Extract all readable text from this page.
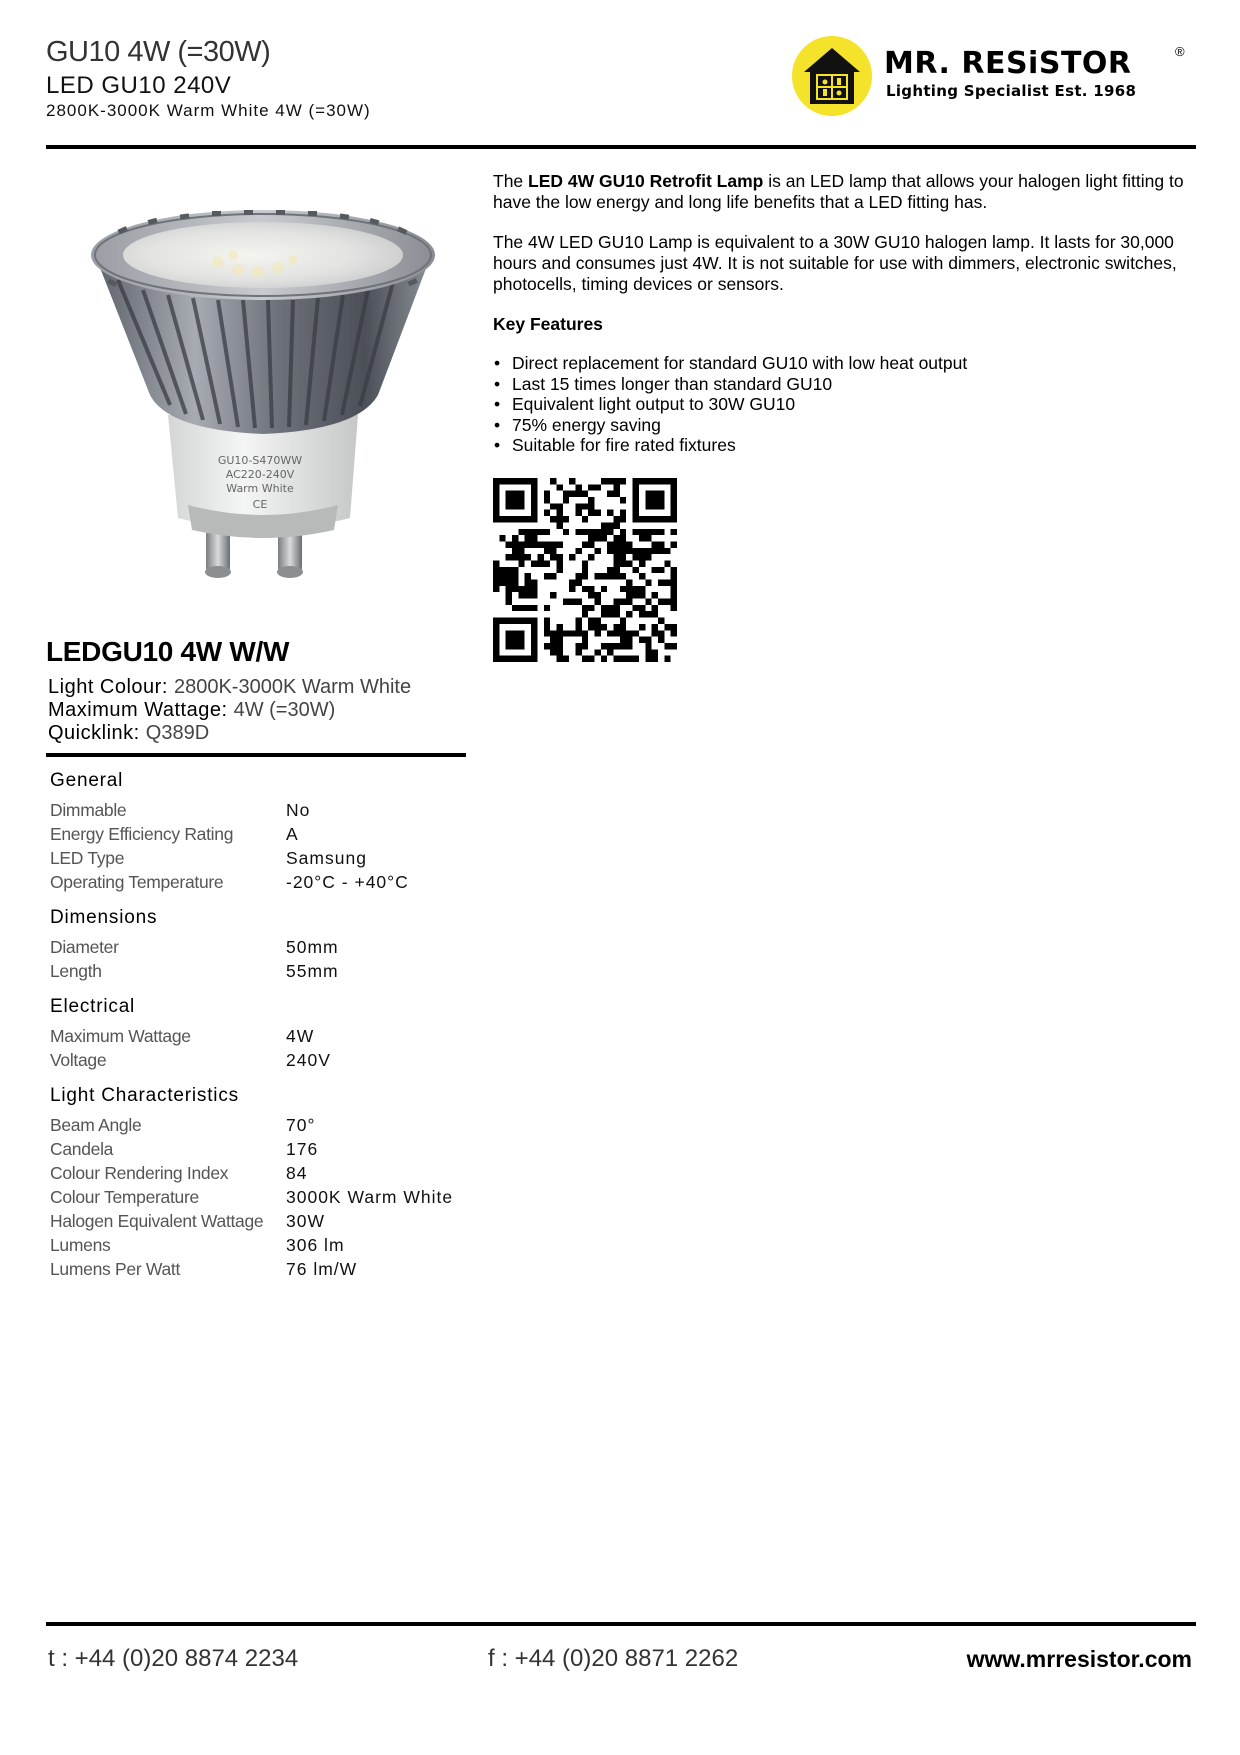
GU10 4W (=30W)
LED GU10 240V
2800K-3000K Warm White 4W (=30W)
MR. RESiSTOR	®
Lighting Specialist Est. 1968
GU10-S470WW
AC220-240V
Warm White
CE

The LED 4W GU10 Retrofit Lamp is an LED lamp that allows your halogen light fitting to have the low energy and long life benefits that a LED fitting has.

The 4W LED GU10 Lamp is equivalent to a 30W GU10 halogen lamp. It lasts for 30,000 hours and consumes just 4W. It is not suitable for use with dimmers, electronic switches, photocells, timing devices or sensors.

Key Features
• Direct replacement for standard GU10 with low heat output
• Last 15 times longer than standard GU10
• Equivalent light output to 30W GU10
• 75% energy saving
• Suitable for fire rated fixtures
LEDGU10 4W W/W
Light Colour: 2800K-3000K Warm White
Maximum Wattage: 4W (=30W)
Quicklink: Q389D
General
Dimmable	No
Energy Efficiency Rating	A
LED Type	Samsung
Operating Temperature	-20°C - +40°C
Dimensions
Diameter	50mm
Length	55mm
Electrical
Maximum Wattage	4W
Voltage	240V
Light Characteristics
Beam Angle	70°
Candela	176
Colour Rendering Index	84
Colour Temperature	3000K Warm White
Halogen Equivalent Wattage	30W
Lumens	306 lm
Lumens Per Watt	76 lm/W
t : +44 (0)20 8874 2234	f : +44 (0)20 8871 2262	www.mrresistor.com
